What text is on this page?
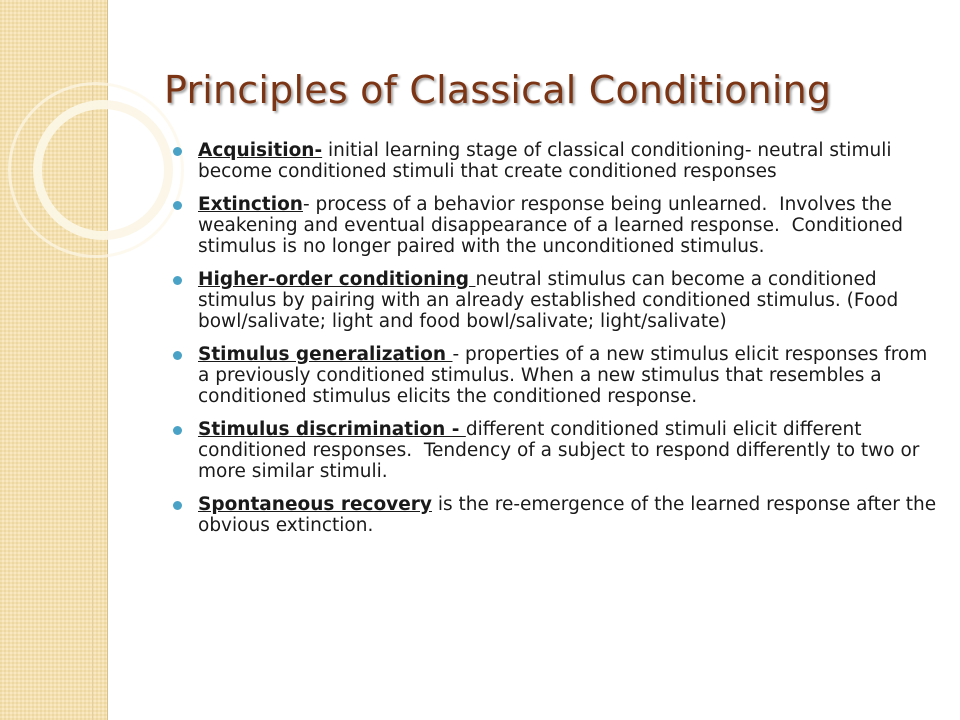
Principles of Classical Conditioning
Acquisition- initial learning stage of classical conditioning- neutral stimuli become conditioned stimuli that create conditioned responses
Extinction- process of a behavior response being unlearned.  Involves the weakening and eventual disappearance of a learned response.  Conditioned stimulus is no longer paired with the unconditioned stimulus.
Higher-order conditioning neutral stimulus can become a conditioned stimulus by pairing with an already established conditioned stimulus. (Food bowl/salivate; light and food bowl/salivate; light/salivate)
Stimulus generalization - properties of a new stimulus elicit responses from a previously conditioned stimulus. When a new stimulus that resembles a conditioned stimulus elicits the conditioned response.
Stimulus discrimination - different conditioned stimuli elicit different conditioned responses.  Tendency of a subject to respond differently to two or more similar stimuli.
Spontaneous recovery is the re-emergence of the learned response after the obvious extinction.
